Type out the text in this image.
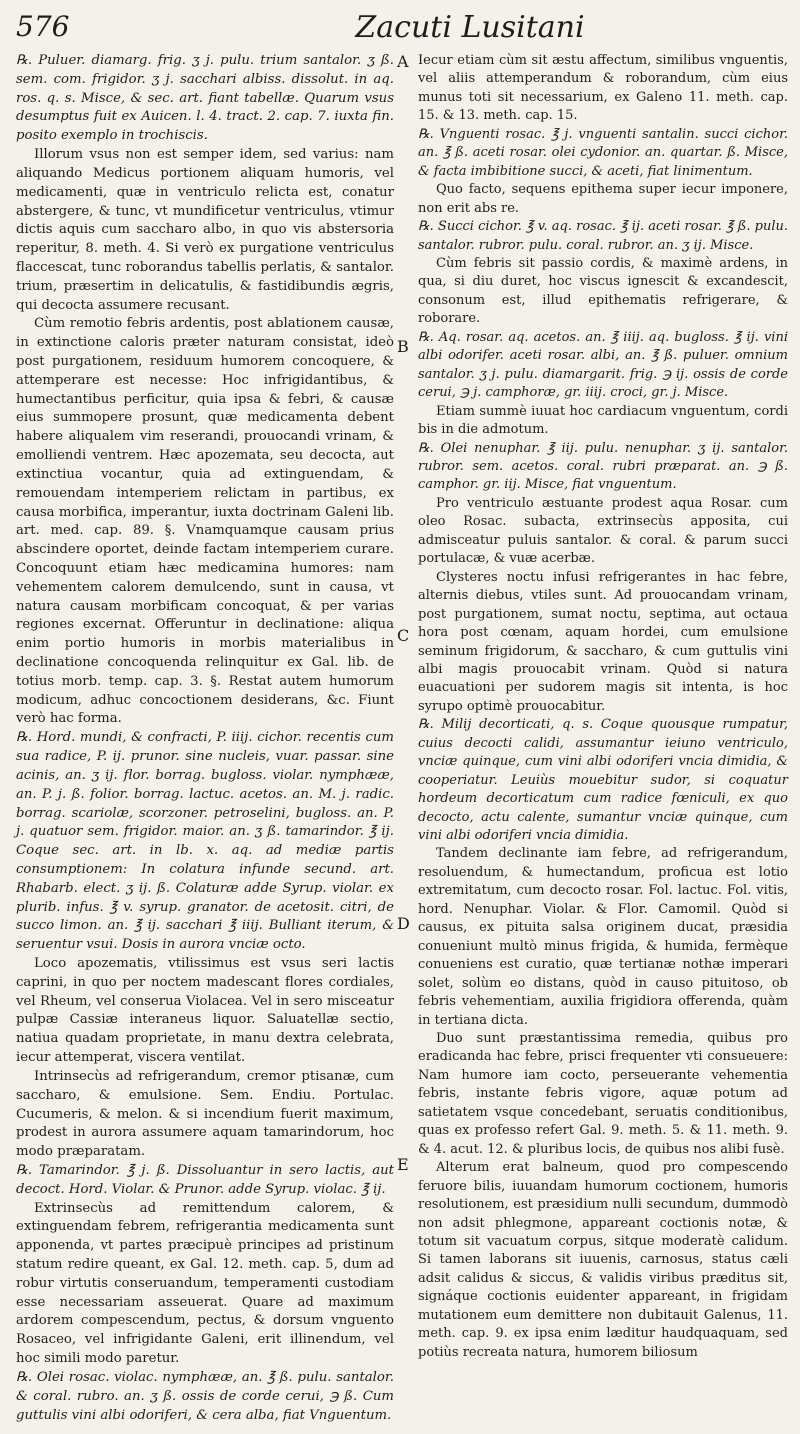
576	Zacuti Lusitani

℞. Puluer. diamarg. frig. ʒ j. pulu. trium santalor. ʒ ß. sem. com. frigidor. ʒ j. sacchari albiss. dissolut. in aq. ros. q. s. Misce, & sec. art. fiant tabellæ. Quarum vsus desumptus fuit ex Auicen. l. 4. tract. 2. cap. 7. iuxta fin. posito exemplo in trochiscis.

Illorum vsus non est semper idem, sed varius: nam aliquando Medicus portionem aliquam humoris, vel medicamenti, quæ in ventriculo relicta est, conatur abstergere, & tunc, vt mundificetur ventriculus, vtimur dictis aquis cum saccharo albo, in quo vis abstersoria reperitur, 8. meth. 4. Si verò ex purgatione ventriculus flaccescat, tunc roborandus tabellis perlatis, & santalor. trium, præsertim in delicatulis, & fastidibundis ægris, qui decocta assumere recusant.

Cùm remotio febris ardentis, post ablationem causæ, in extinctione caloris præter naturam consistat, ideò post purgationem, residuum humorem concoquere, & attemperare est necesse: Hoc infrigidantibus, & humectantibus perficitur, quia ipsa & febri, & causæ eius summopere prosunt, quæ medicamenta debent habere aliqualem vim reserandi, prouocandi vrinam, & emolliendi ventrem. Hæc apozemata, seu decocta, aut extinctiua vocantur, quia ad extinguendam, & remouendam intemperiem relictam in partibus, ex causa morbifica, imperantur, iuxta doctrinam Galeni lib. art. med. cap. 89. §. Vnamquamque causam prius abscindere oportet, deinde factam intemperiem curare. Concoquunt etiam hæc medicamina humores: nam vehementem calorem demulcendo, sunt in causa, vt natura causam morbificam concoquat, & per varias regiones excernat. Offeruntur in declinatione: aliqua enim portio humoris in morbis materialibus in declinatione concoquenda relinquitur ex Gal. lib. de totius morb. temp. cap. 3. §. Restat autem humorum modicum, adhuc concoctionem desiderans, &c. Fiunt verò hac forma.

℞. Hord. mundi, & confracti, P. iiij. cichor. recentis cum sua radice, P. ij. prunor. sine nucleis, vuar. passar. sine acinis, an. ʒ ij. flor. borrag. bugloss. violar. nymphææ, an. P. j. ß. folior. borrag. lactuc. acetos. an. M. j. radic. borrag. scariolæ, scorzoner. petroselini, bugloss. an. P. j. quatuor sem. frigidor. maior. an. ʒ ß. tamarindor. ℥ ij. Coque sec. art. in lb. x. aq. ad mediæ partis consumptionem: In colatura infunde secund. art. Rhabarb. elect. ʒ ij. ß. Colaturæ adde Syrup. violar. ex plurib. infus. ℥ v. syrup. granator. de acetosit. citri, de succo limon. an. ℥ ij. sacchari ℥ iiij. Bulliant iterum, & seruentur vsui. Dosis in aurora vnciæ octo.

Loco apozematis, vtilissimus est vsus seri lactis caprini, in quo per noctem madescant flores cordiales, vel Rheum, vel conserua Violacea. Vel in sero misceatur pulpæ Cassiæ interaneus liquor. Saluatellæ sectio, natiua quadam proprietate, in manu dextra celebrata, iecur attemperat, viscera ventilat.

Intrinsecùs ad refrigerandum, cremor ptisanæ, cum saccharo, & emulsione. Sem. Endiu. Portulac. Cucumeris, & melon. & si incendium fuerit maximum, prodest in aurora assumere aquam tamarindorum, hoc modo præparatam.

℞. Tamarindor. ℥ j. ß. Dissoluantur in sero lactis, aut decoct. Hord. Violar. & Prunor. adde Syrup. violac. ℥ ij.

Extrinsecùs ad remittendum calorem, & extinguendam febrem, refrigerantia medicamenta sunt apponenda, vt partes præcipuè principes ad pristinum statum redire queant, ex Gal. 12. meth. cap. 5, dum ad robur virtutis conseruandum, temperamenti custodiam esse necessariam asseuerat. Quare ad maximum ardorem compescendum, pectus, & dorsum vnguento Rosaceo, vel infrigidante Galeni, erit illinendum, vel hoc simili modo paretur.

℞. Olei rosac. violac. nymphææ, an. ℥ ß. pulu. santalor. & coral. rubro. an. ʒ ß. ossis de corde cerui, ℈ ß. Cum guttulis vini albi odoriferi, & cera alba, fiat Vnguentum.

Iecur etiam cùm sit æstu affectum, similibus vnguentis, vel aliis attemperandum & roborandum, cùm eius munus toti sit necessarium, ex Galeno 11. meth. cap. 15. & 13. meth. cap. 15.

℞. Vnguenti rosac. ℥ j. vnguenti santalin. succi cichor. an. ℥ ß. aceti rosar. olei cydonior. an. quartar. ß. Misce, & facta imbibitione succi, & aceti, fiat linimentum.

Quo facto, sequens epithema super iecur imponere, non erit abs re.

℞. Succi cichor. ℥ v. aq. rosac. ℥ ij. aceti rosar. ℥ ß. pulu. santalor. rubror. pulu. coral. rubror. an. ʒ ij. Misce.

Cùm febris sit passio cordis, & maximè ardens, in qua, si diu duret, hoc viscus ignescit & excandescit, consonum est, illud epithematis refrigerare, & roborare.

℞. Aq. rosar. aq. acetos. an. ℥ iiij. aq. bugloss. ℥ ij. vini albi odorifer. aceti rosar. albi, an. ℥ ß. puluer. omnium santalor. ʒ j. pulu. diamargarit. frig. ℈ ij. ossis de corde cerui, ℈ j. camphoræ, gr. iiij. croci, gr. j. Misce.

Etiam summè iuuat hoc cardiacum vnguentum, cordi bis in die admotum.

℞. Olei nenuphar. ℥ iij. pulu. nenuphar. ʒ ij. santalor. rubror. sem. acetos. coral. rubri præparat. an. ℈ ß. camphor. gr. iij. Misce, fiat vnguentum.

Pro ventriculo æstuante prodest aqua Rosar. cum oleo Rosac. subacta, extrinsecùs apposita, cui admisceatur puluis santalor. & coral. & parum succi portulacæ, & vuæ acerbæ.

Clysteres noctu infusi refrigerantes in hac febre, alternis diebus, vtiles sunt. Ad prouocandam vrinam, post purgationem, sumat noctu, septima, aut octaua hora post cœnam, aquam hordei, cum emulsione seminum frigidorum, & saccharo, & cum guttulis vini albi magis prouocabit vrinam. Quòd si natura euacuationi per sudorem magis sit intenta, is hoc syrupo optimè prouocabitur.

℞. Milij decorticati, q. s. Coque quousque rumpatur, cuius decocti calidi, assumantur ieiuno ventriculo, vnciæ quinque, cum vini albi odoriferi vncia dimidia, & cooperiatur. Leuiùs mouebitur sudor, si coquatur hordeum decorticatum cum radice fœniculi, ex quo decocto, actu calente, sumantur vnciæ quinque, cum vini albi odoriferi vncia dimidia.

Tandem declinante iam febre, ad refrigerandum, resoluendum, & humectandum, proficua est lotio extremitatum, cum decocto rosar. Fol. lactuc. Fol. vitis, hord. Nenuphar. Violar. & Flor. Camomil. Quòd si causus, ex pituita salsa originem ducat, præsidia conueniunt multò minus frigida, & humida, fermèque conueniens est curatio, quæ tertianæ nothæ imperari solet, solùm eo distans, quòd in causo pituitoso, ob febris vehementiam, auxilia frigidiora offerenda, quàm in tertiana dicta.

Duo sunt præstantissima remedia, quibus pro eradicanda hac febre, prisci frequenter vti consueuere: Nam humore iam cocto, perseuerante vehementia febris, instante febris vigore, aquæ potum ad satietatem vsque concedebant, seruatis conditionibus, quas ex professo refert Gal. 9. meth. 5. & 11. meth. 9. & 4. acut. 12. & pluribus locis, de quibus nos alibi fusè.

Alterum erat balneum, quod pro compescendo feruore bilis, iuuandam humorum coctionem, humoris resolutionem, est præsidium nulli secundum, dummodò non adsit phlegmone, appareant coctionis notæ, & totum sit vacuatum corpus, sitque moderatè calidum. Si tamen laborans sit iuuenis, carnosus, status cæli adsit calidus & siccus, & validis viribus præditus sit, signáque coctionis euidenter appareant, in frigidam mutationem eum demittere non dubitauit Galenus, 11. meth. cap. 9. ex ipsa enim læditur haudquaquam, sed potiùs recreata natura, humorem biliosum

A
B
C
D
E
